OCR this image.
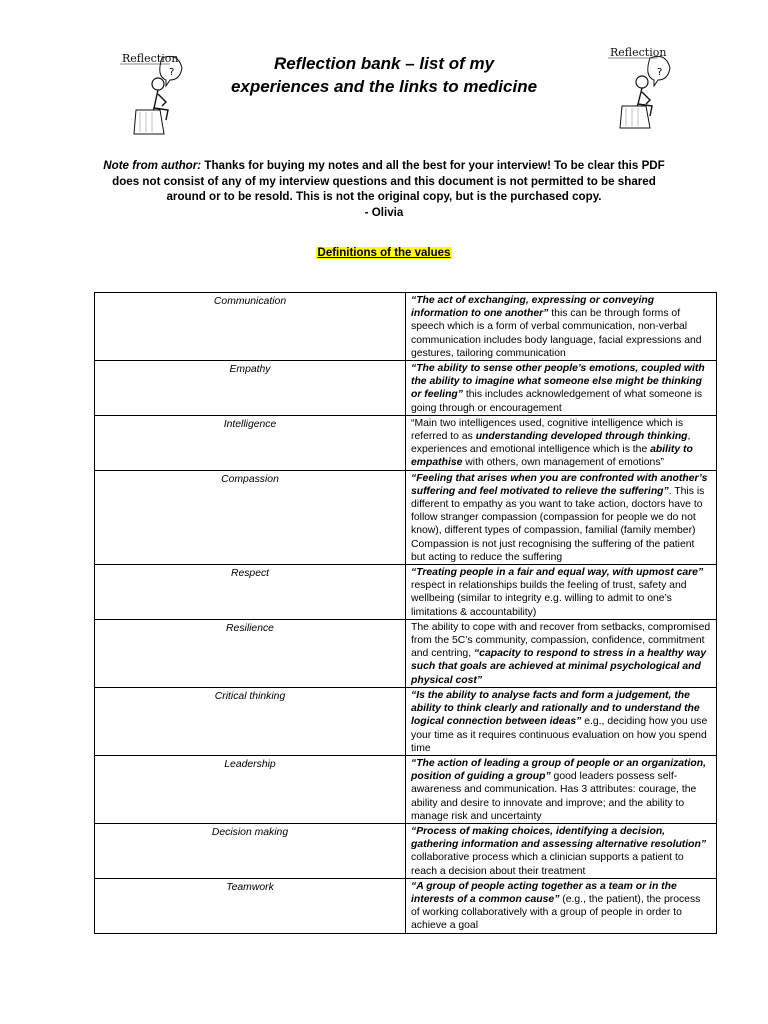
Reflection
?
Reflection
?
Reflection bank – list of my
experiences and the links to medicine
Note from author: Thanks for buying my notes and all the best for your interview! To be clear this PDF does not consist of any of my interview questions and this document is not permitted to be shared around or to be resold. This is not the original copy, but is the purchased copy.
- Olivia
Definitions of the values
Communication	“The act of exchanging, expressing or conveying information to one another” this can be through forms of speech which is a form of verbal communication, non-verbal communication includes body language, facial expressions and gestures, tailoring communication
Empathy	“The ability to sense other people’s emotions, coupled with the ability to imagine what someone else might be thinking or feeling” this includes acknowledgement of what someone is going through or encouragement
Intelligence	“Main two intelligences used, cognitive intelligence which is referred to as understanding developed through thinking, experiences and emotional intelligence which is the ability to empathise with others, own management of emotions”
Compassion	“Feeling that arises when you are confronted with another’s suffering and feel motivated to relieve the suffering”. This is different to empathy as you want to take action, doctors have to follow stranger compassion (compassion for people we do not know), different types of compassion, familial (family member) Compassion is not just recognising the suffering of the patient but acting to reduce the suffering
Respect	“Treating people in a fair and equal way, with upmost care” respect in relationships builds the feeling of trust, safety and wellbeing (similar to integrity e.g. willing to admit to one’s limitations & accountability)
Resilience	The ability to cope with and recover from setbacks, compromised from the 5C’s community, compassion, confidence, commitment and centring, “capacity to respond to stress in a healthy way such that goals are achieved at minimal psychological and physical cost”
Critical thinking	“Is the ability to analyse facts and form a judgement, the ability to think clearly and rationally and to understand the logical connection between ideas” e.g., deciding how you use your time as it requires continuous evaluation on how you spend time
Leadership	“The action of leading a group of people or an organization, position of guiding a group” good leaders possess self-awareness and communication. Has 3 attributes: courage, the ability and desire to innovate and improve; and the ability to manage risk and uncertainty
Decision making	“Process of making choices, identifying a decision, gathering information and assessing alternative resolution” collaborative process which a clinician supports a patient to reach a decision about their treatment
Teamwork	“A group of people acting together as a team or in the interests of a common cause” (e.g., the patient), the process of working collaboratively with a group of people in order to achieve a goal
